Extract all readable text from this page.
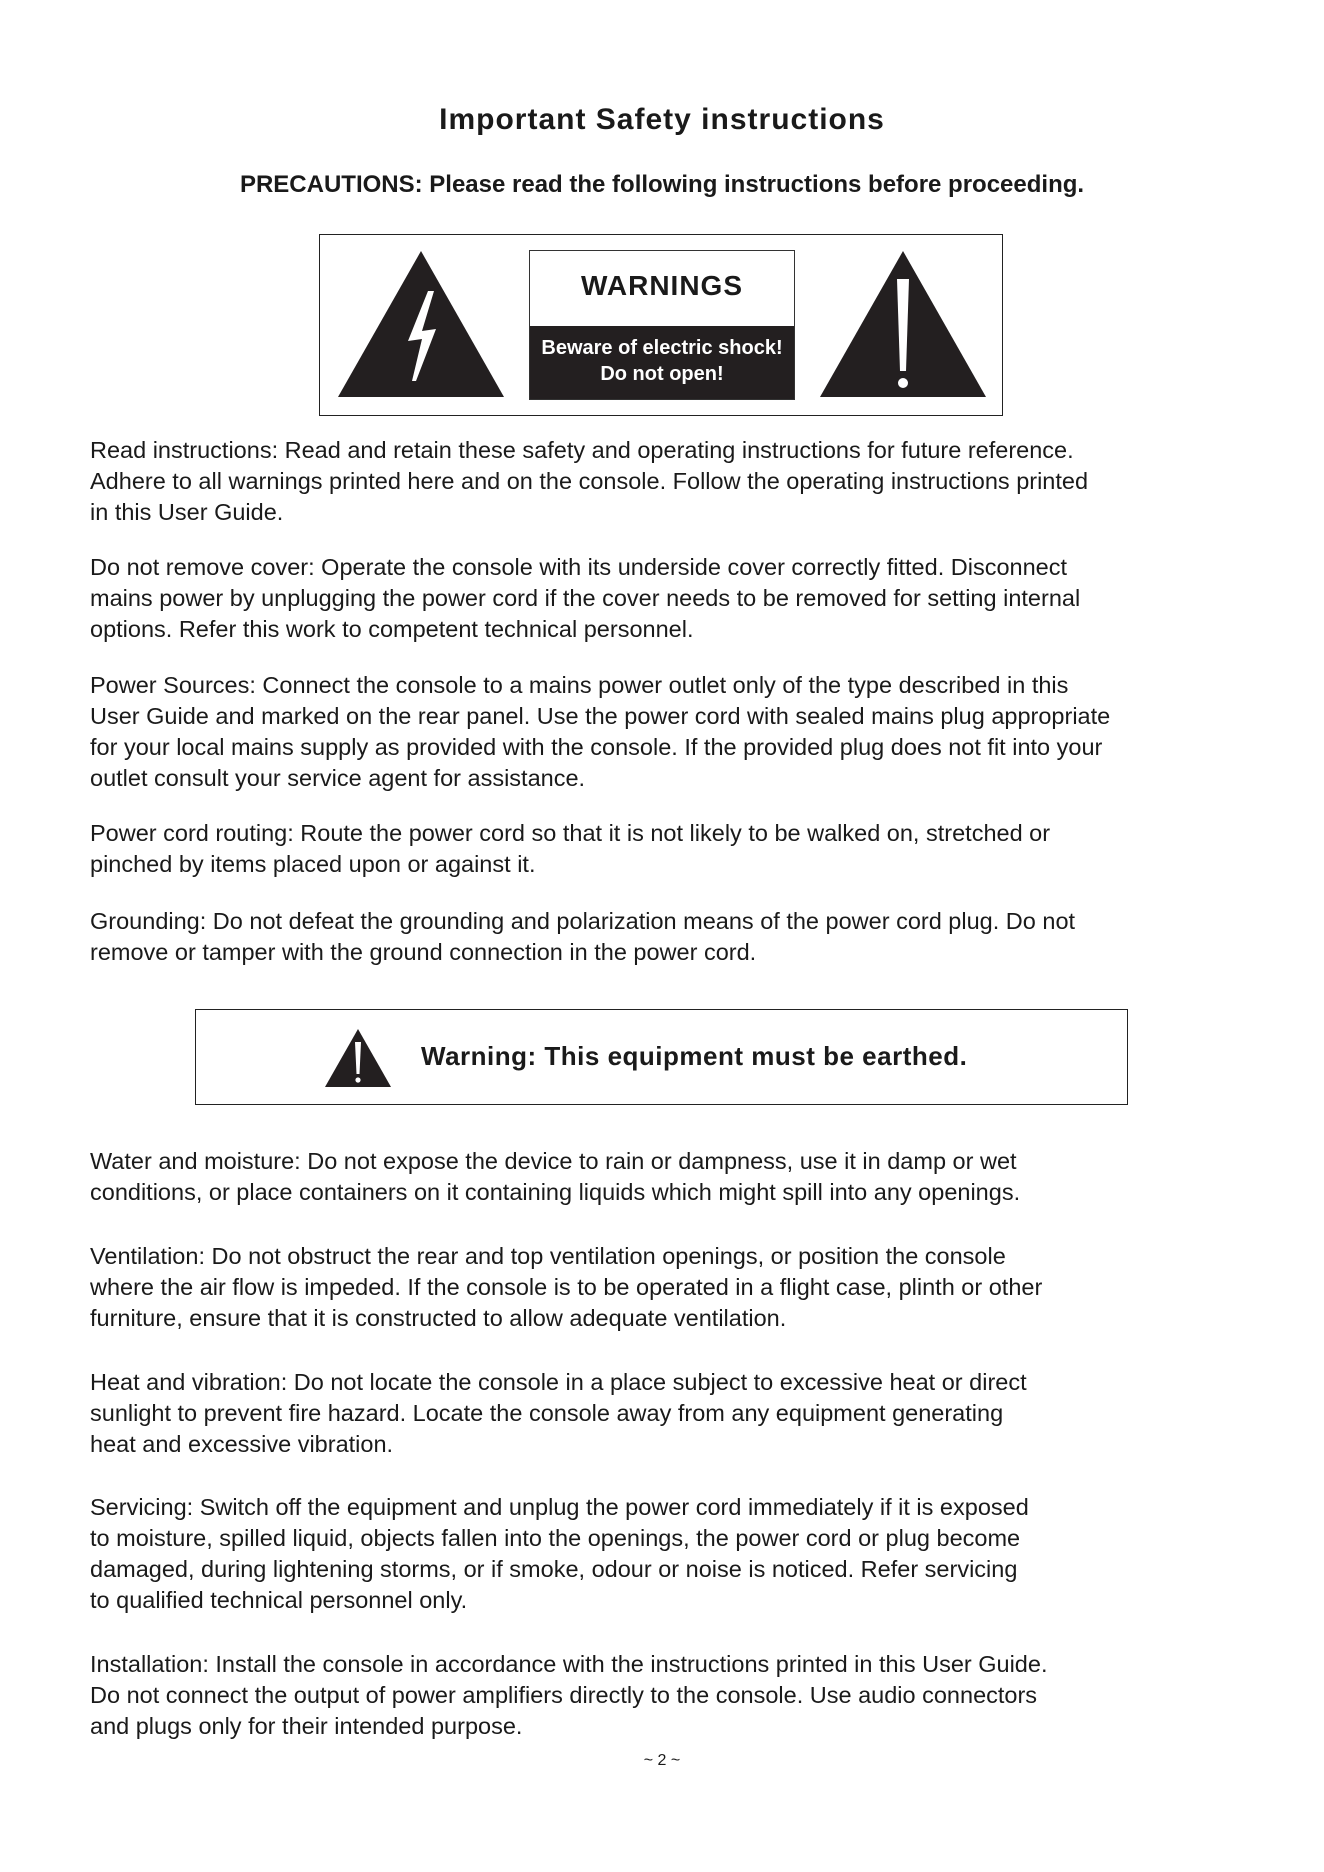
Important Safety instructions
PRECAUTIONS: Please read the following instructions before proceeding.
WARNINGS
Beware of electric shock!
Do not open!
Read instructions: Read and retain these safety and operating instructions for future reference.
Adhere to all warnings printed here and on the console. Follow the operating instructions printed
in this User Guide.
Do not remove cover: Operate the console with its underside cover correctly fitted. Disconnect
mains power by unplugging the power cord if the cover needs to be removed for setting internal
options. Refer this work to competent technical personnel.
Power Sources: Connect the console to a mains power outlet only of the type described in this
User Guide and marked on the rear panel. Use the power cord with sealed mains plug appropriate
for your local mains supply as provided with the console. If the provided plug does not fit into your
outlet consult your service agent for assistance.
Power cord routing: Route the power cord so that it is not likely to be walked on, stretched or
pinched by items placed upon or against it.
Grounding: Do not defeat the grounding and polarization means of the power cord plug. Do not
remove or tamper with the ground connection in the power cord.
Warning: This equipment must be earthed.
Water and moisture: Do not expose the device to rain or dampness, use it in damp or wet
conditions, or place containers on it containing liquids which might spill into any openings.
Ventilation: Do not obstruct the rear and top ventilation openings, or position the console
where the air flow is impeded. If the console is to be operated in a flight case, plinth or other
furniture, ensure that it is constructed to allow adequate ventilation.
Heat and vibration: Do not locate the console in a place subject to excessive heat or direct
sunlight to prevent fire hazard. Locate the console away from any equipment generating
heat and excessive vibration.
Servicing: Switch off the equipment and unplug the power cord immediately if it is exposed
to moisture, spilled liquid, objects fallen into the openings, the power cord or plug become
damaged, during lightening storms, or if smoke, odour or noise is noticed. Refer servicing
to qualified technical personnel only.
Installation: Install the console in accordance with the instructions printed in this User Guide.
Do not connect the output of power amplifiers directly to the console. Use audio connectors
and plugs only for their intended purpose.
~ 2 ~
